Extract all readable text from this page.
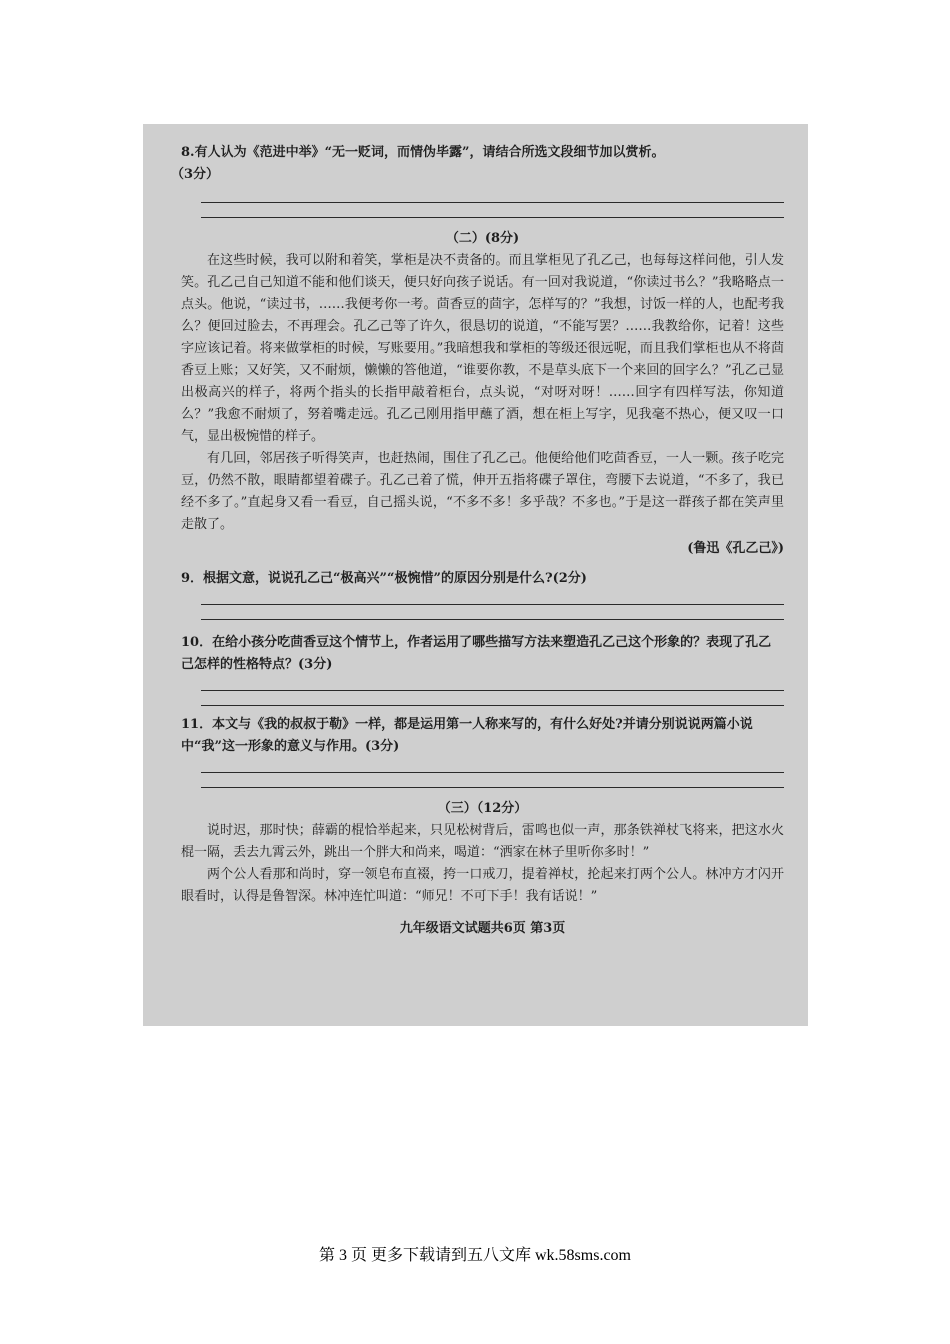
8.有人认为《范进中举》“无一贬词，而情伪毕露”，请结合所选文段细节加以赏析。

（3分）

（二）(8分)

在这些时候，我可以附和着笑，掌柜是决不责备的。而且掌柜见了孔乙己，也每每这样问他，引人发笑。孔乙己自己知道不能和他们谈天，便只好向孩子说话。有一回对我说道，“你读过书么？”我略略点一点头。他说，“读过书，……我便考你一考。茴香豆的茴字，怎样写的？”我想，讨饭一样的人，也配考我么？便回过脸去，不再理会。孔乙己等了许久，很恳切的说道，“不能写罢？……我教给你，记着！这些字应该记着。将来做掌柜的时候，写账要用。”我暗想我和掌柜的等级还很远呢，而且我们掌柜也从不将茴香豆上账；又好笑，又不耐烦，懒懒的答他道，“谁要你教，不是草头底下一个来回的回字么？”孔乙己显出极高兴的样子，将两个指头的长指甲敲着柜台，点头说，“对呀对呀！……回字有四样写法，你知道么？”我愈不耐烦了，努着嘴走远。孔乙己刚用指甲蘸了酒，想在柜上写字，见我毫不热心，便又叹一口气，显出极惋惜的样子。

有几回，邻居孩子听得笑声，也赶热闹，围住了孔乙己。他便给他们吃茴香豆，一人一颗。孩子吃完豆，仍然不散，眼睛都望着碟子。孔乙己着了慌，伸开五指将碟子罩住，弯腰下去说道，“不多了，我已经不多了。”直起身又看一看豆，自己摇头说，“不多不多！多乎哉？不多也。”于是这一群孩子都在笑声里走散了。

(鲁迅《孔乙己》)

9．根据文意，说说孔乙己“极高兴”“极惋惜”的原因分别是什么?(2分)

10．在给小孩分吃茴香豆这个情节上，作者运用了哪些描写方法来塑造孔乙己这个形象的？表现了孔乙己怎样的性格特点？(3分)

11．本文与《我的叔叔于勒》一样，都是运用第一人称来写的，有什么好处?并请分别说说两篇小说中“我”这一形象的意义与作用。(3分)

（三）（12分）

说时迟，那时快；薛霸的棍恰举起来，只见松树背后，雷鸣也似一声，那条铁禅杖飞将来，把这水火棍一隔，丢去九霄云外，跳出一个胖大和尚来，喝道：“洒家在林子里听你多时！”

两个公人看那和尚时，穿一领皂布直裰，挎一口戒刀，提着禅杖，抡起来打两个公人。林冲方才闪开眼看时，认得是鲁智深。林冲连忙叫道：“师兄！不可下手！我有话说！”

九年级语文试题共6页 第3页

第 3 页 更多下载请到五八文库 wk.58sms.com
